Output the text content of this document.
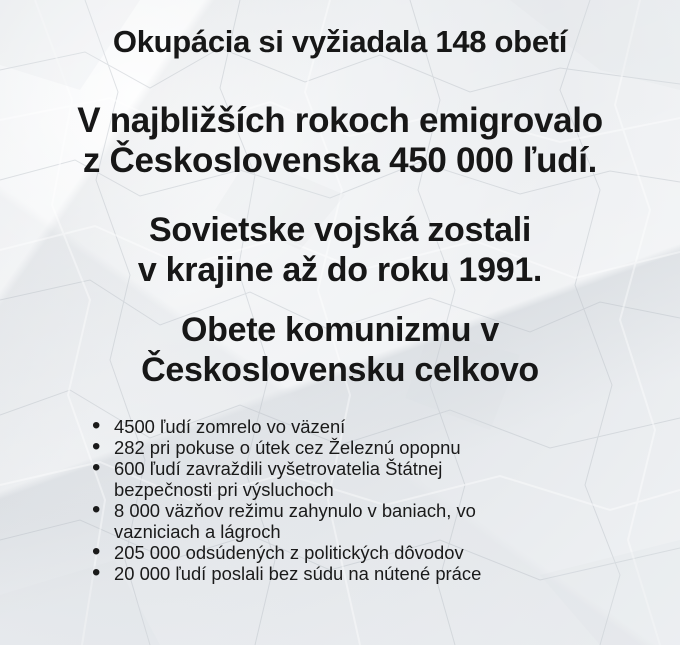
Okupácia si vyžiadala 148 obetí
V najbližších rokoch emigrovalo
z Československa 450 000 ľudí.
Sovietske vojská zostali
v krajine až do roku 1991.
Obete komunizmu v
Československu celkovo
• 4500 ľudí zomrelo vo väzení
• 282 pri pokuse o útek cez Železnú opopnu
• 600 ľudí zavraždili vyšetrovatelia Štátnej
bezpečnosti pri výsluchoch
• 8 000 väzňov režimu zahynulo v baniach, vo
vazniciach a lágroch
• 205 000 odsúdených z politických dôvodov
• 20 000 ľudí poslali bez súdu na nútené práce
